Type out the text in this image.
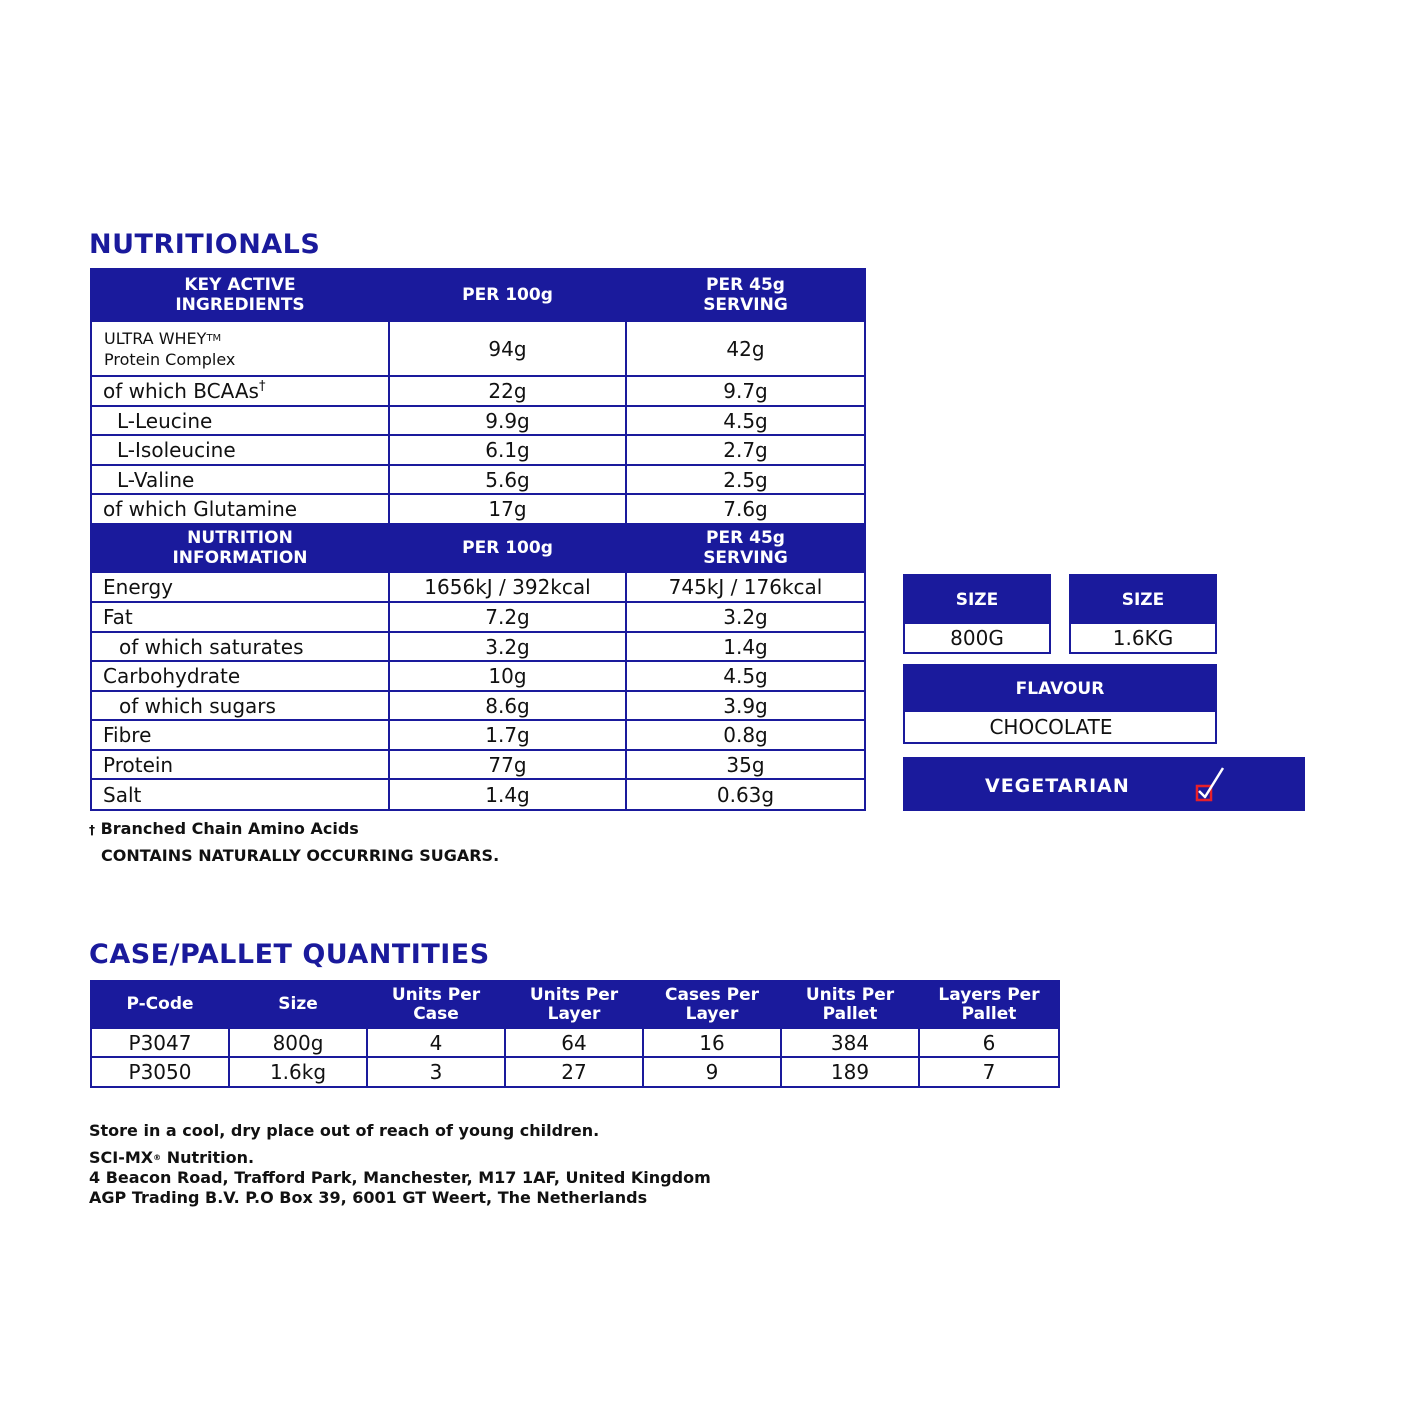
NUTRITIONALS
KEY ACTIVE INGREDIENTS	PER 100g	PER 45g SERVING
ULTRA WHEY™
Protein Complex	94g	42g
of which BCAAs†	22g	9.7g
L-Leucine	9.9g	4.5g
L-Isoleucine	6.1g	2.7g
L-Valine	5.6g	2.5g
of which Glutamine	17g	7.6g
NUTRITION INFORMATION	PER 100g	PER 45g SERVING
Energy	1656kJ / 392kcal	745kJ / 176kcal
Fat	7.2g	3.2g
of which saturates	3.2g	1.4g
Carbohydrate	10g	4.5g
of which sugars	8.6g	3.9g
Fibre	1.7g	0.8g
Protein	77g	35g
Salt	1.4g	0.63g
† Branched Chain Amino Acids
CONTAINS NATURALLY OCCURRING SUGARS.
SIZE
800G
SIZE
1.6KG
FLAVOUR
CHOCOLATE
VEGETARIAN
CASE/PALLET QUANTITIES
P-Code	Size	Units Per Case	Units Per Layer	Cases Per Layer	Units Per Pallet	Layers Per Pallet
P3047	800g	4	64	16	384	6
P3050	1.6kg	3	27	9	189	7
Store in a cool, dry place out of reach of young children.
SCI-MX® Nutrition.
4 Beacon Road, Trafford Park, Manchester, M17 1AF, United Kingdom
AGP Trading B.V. P.O Box 39, 6001 GT Weert, The Netherlands
